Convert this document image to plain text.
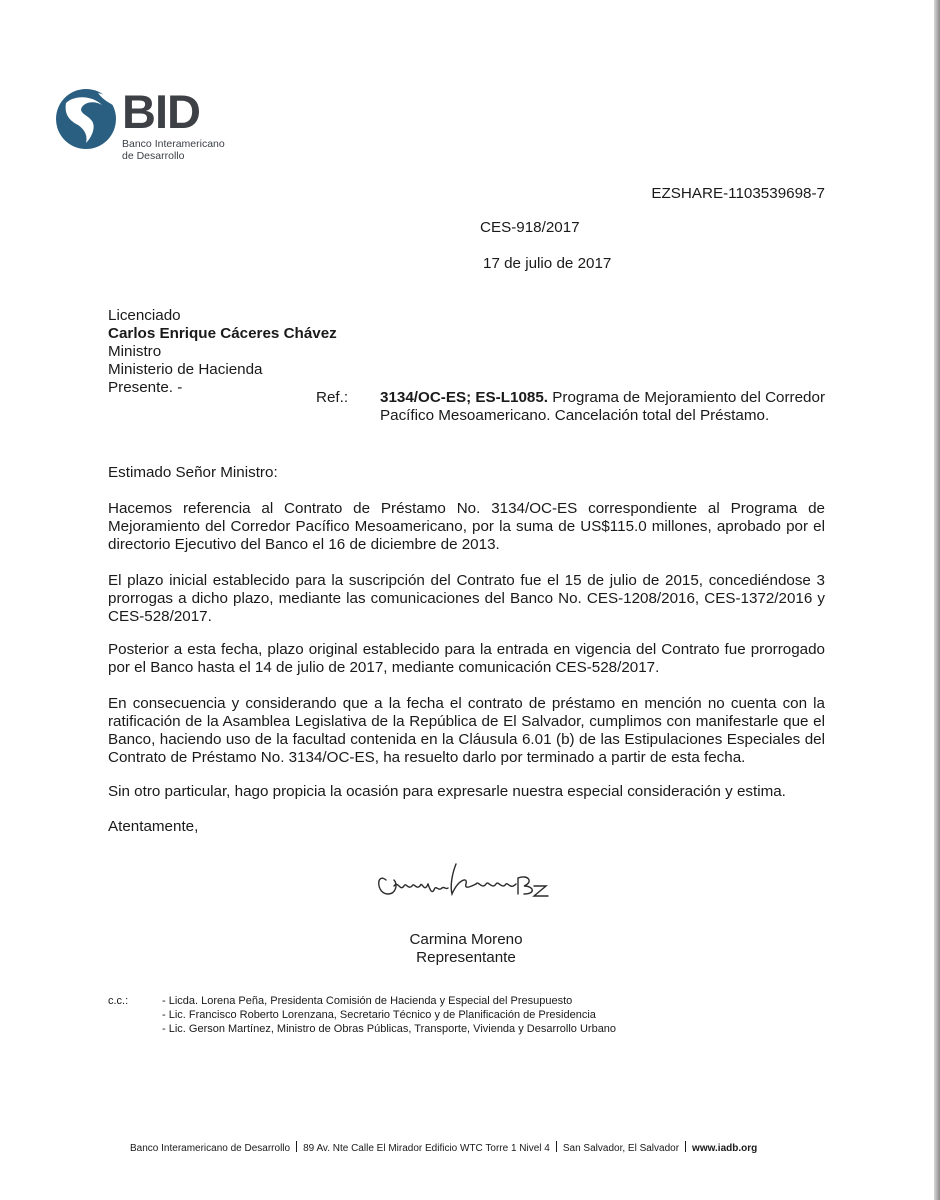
BID
Banco Interamericano
de Desarrollo
EZSHARE-1103539698-7
CES-918/2017
17 de julio de 2017
Licenciado
Carlos Enrique Cáceres Chávez
Ministro
Ministerio de Hacienda
Presente. -
Ref.: 3134/OC-ES; ES-L1085. Programa de Mejoramiento del Corredor Pacífico Mesoamericano. Cancelación total del Préstamo.
Estimado Señor Ministro:
Hacemos referencia al Contrato de Préstamo No. 3134/OC-ES correspondiente al Programa de Mejoramiento del Corredor Pacífico Mesoamericano, por la suma de US$115.0 millones, aprobado por el directorio Ejecutivo del Banco el 16 de diciembre de 2013.
El plazo inicial establecido para la suscripción del Contrato fue el 15 de julio de 2015, concediéndose 3 prorrogas a dicho plazo, mediante las comunicaciones del Banco No. CES-1208/2016, CES-1372/2016 y CES-528/2017.
Posterior a esta fecha, plazo original establecido para la entrada en vigencia del Contrato fue prorrogado por el Banco hasta el 14 de julio de 2017, mediante comunicación CES-528/2017.
En consecuencia y considerando que a la fecha el contrato de préstamo en mención no cuenta con la ratificación de la Asamblea Legislativa de la República de El Salvador, cumplimos con manifestarle que el Banco, haciendo uso de la facultad contenida en la Cláusula 6.01 (b) de las Estipulaciones Especiales del Contrato de Préstamo No. 3134/OC-ES, ha resuelto darlo por terminado a partir de esta fecha.
Sin otro particular, hago propicia la ocasión para expresarle nuestra especial consideración y estima.
Atentamente,
Carmina Moreno
Representante
c.c.:	- Licda. Lorena Peña, Presidenta Comisión de Hacienda y Especial del Presupuesto
- Lic. Francisco Roberto Lorenzana, Secretario Técnico y de Planificación de Presidencia
- Lic. Gerson Martínez, Ministro de Obras Públicas, Transporte, Vivienda y Desarrollo Urbano
Banco Interamericano de Desarrollo 89 Av. Nte Calle El Mirador Edificio WTC Torre 1 Nivel 4 San Salvador, El Salvador www.iadb.org
